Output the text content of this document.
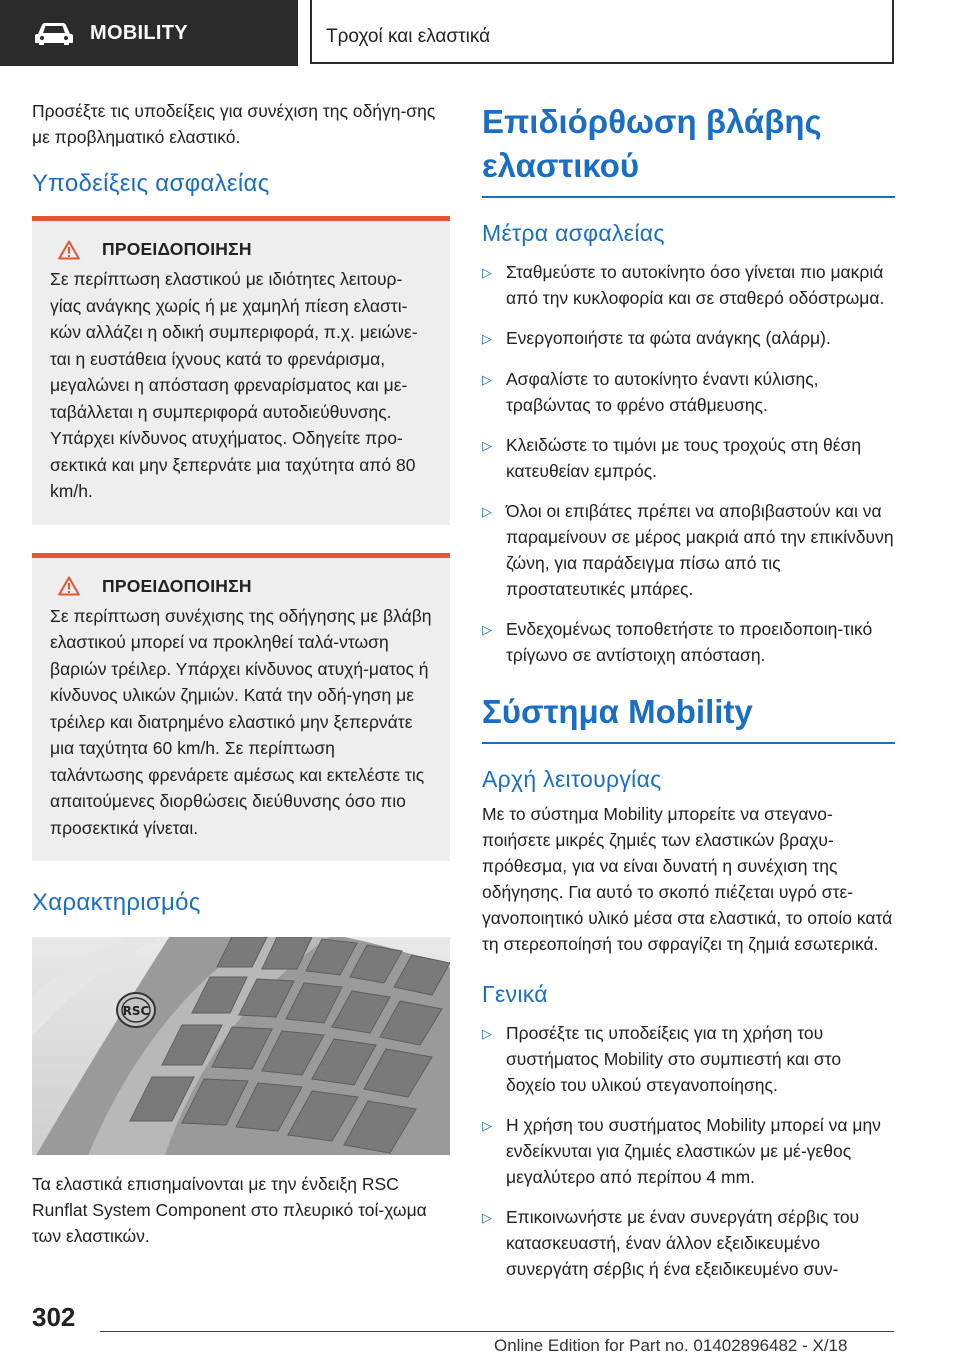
MOBILITY	Τροχοί και ελαστικά

Προσέξτε τις υποδείξεις για συνέχιση της οδήγη-σης με προβληματικό ελαστικό.

Υποδείξεις ασφαλείας
ΠΡΟΕΙΔΟΠΟΙΗΣΗ

Σε περίπτωση ελαστικού με ιδιότητες λειτουρ-γίας ανάγκης χωρίς ή με χαμηλή πίεση ελαστι-κών αλλάζει η οδική συμπεριφορά, π.χ. μειώνε-ται η ευστάθεια ίχνους κατά το φρενάρισμα, μεγαλώνει η απόσταση φρεναρίσματος και με-ταβάλλεται η συμπεριφορά αυτοδιεύθυνσης. Υπάρχει κίνδυνος ατυχήματος. Οδηγείτε προ-σεκτικά και μην ξεπερνάτε μια ταχύτητα από 80 km/h.

ΠΡΟΕΙΔΟΠΟΙΗΣΗ

Σε περίπτωση συνέχισης της οδήγησης με βλάβη ελαστικού μπορεί να προκληθεί ταλά-ντωση βαριών τρέιλερ. Υπάρχει κίνδυνος ατυχή-ματος ή κίνδυνος υλικών ζημιών. Κατά την οδή-γηση με τρέιλερ και διατρημένο ελαστικό μην ξεπερνάτε μια ταχύτητα 60 km/h. Σε περίπτωση ταλάντωσης φρενάρετε αμέσως και εκτελέστε τις απαιτούμενες διορθώσεις διεύθυνσης όσο πιο προσεκτικά γίνεται.

Χαρακτηρισμός
RSC

Τα ελαστικά επισημαίνονται με την ένδειξη RSC Runflat System Component στο πλευρικό τοί-χωμα των ελαστικών.

Επιδιόρθωση βλάβης ελαστικού
Μέτρα ασφαλείας
▷ Σταθμεύστε το αυτοκίνητο όσο γίνεται πιο μακριά από την κυκλοφορία και σε σταθερό οδόστρωμα.
▷ Ενεργοποιήστε τα φώτα ανάγκης (αλάρμ).
▷ Ασφαλίστε το αυτοκίνητο έναντι κύλισης, τραβώντας το φρένο στάθμευσης.
▷ Κλειδώστε το τιμόνι με τους τροχούς στη θέση κατευθείαν εμπρός.
▷ Όλοι οι επιβάτες πρέπει να αποβιβαστούν και να παραμείνουν σε μέρος μακριά από την επικίνδυνη ζώνη, για παράδειγμα πίσω από τις προστατευτικές μπάρες.
▷ Ενδεχομένως τοποθετήστε το προειδοποιη-τικό τρίγωνο σε αντίστοιχη απόσταση.
Σύστημα Mobility
Αρχή λειτουργίας

Με το σύστημα Mobility μπορείτε να στεγανο-ποιήσετε μικρές ζημιές των ελαστικών βραχυ-πρόθεσμα, για να είναι δυνατή η συνέχιση της οδήγησης. Για αυτό το σκοπό πιέζεται υγρό στε-γανοποιητικό υλικό μέσα στα ελαστικά, το οποίο κατά τη στερεοποίησή του σφραγίζει τη ζημιά εσωτερικά.

Γενικά
▷ Προσέξτε τις υποδείξεις για τη χρήση του συστήματος Mobility στο συμπιεστή και στο δοχείο του υλικού στεγανοποίησης.
▷ Η χρήση του συστήματος Mobility μπορεί να μην ενδείκνυται για ζημιές ελαστικών με μέ-γεθος μεγαλύτερο από περίπου 4 mm.
▷ Επικοινωνήστε με έναν συνεργάτη σέρβις του κατασκευαστή, έναν άλλον εξειδικευμένο συνεργάτη σέρβις ή ένα εξειδικευμένο συν-
302
Online Edition for Part no. 01402896482 - X/18
